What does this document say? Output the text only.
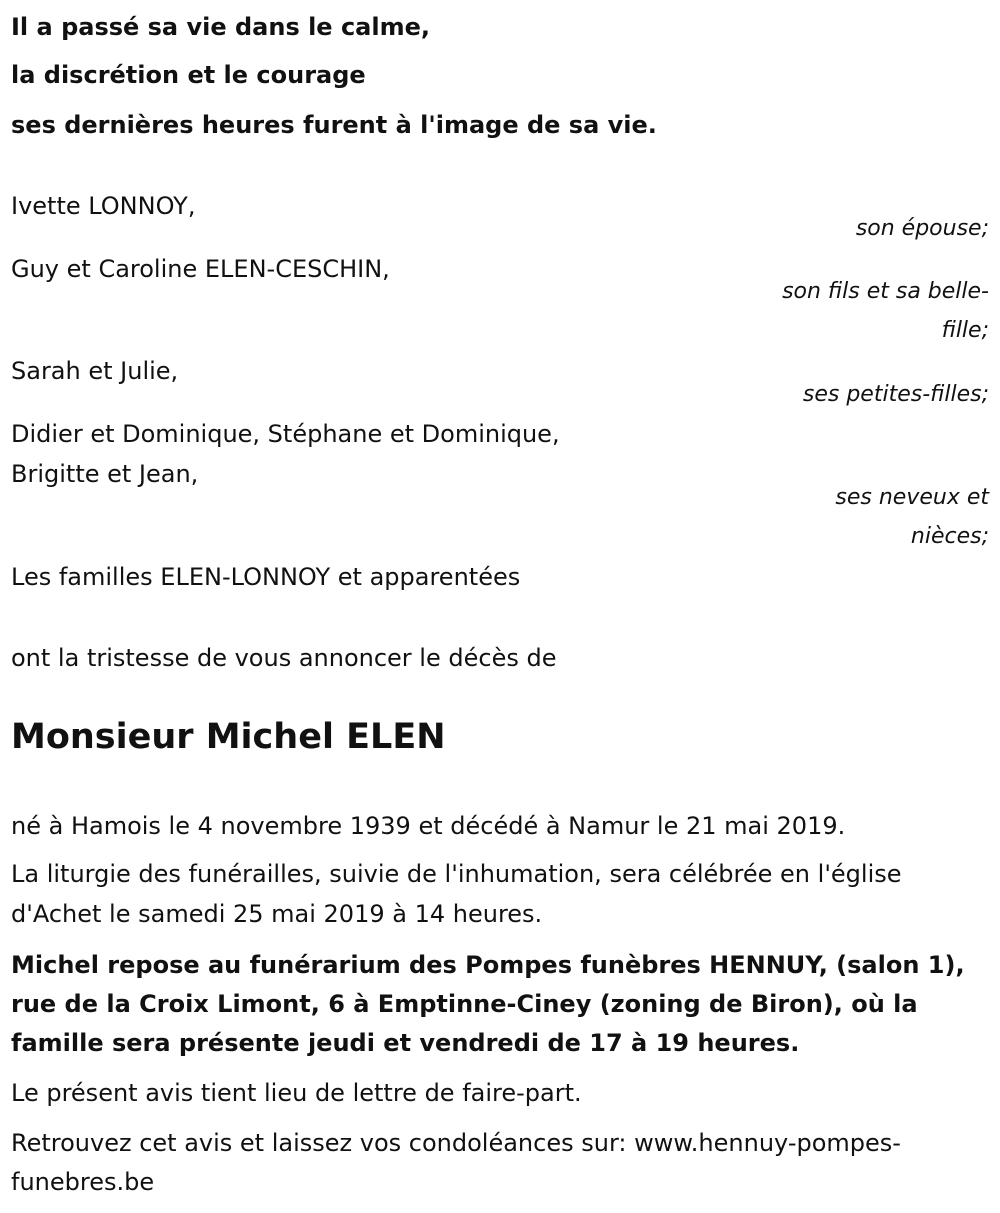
Il a passé sa vie dans le calme,

la discrétion et le courage

ses dernières heures furent à l'image de sa vie.

Ivette LONNOY,

son épouse;

Guy et Caroline ELEN-CESCHIN,

son fils et sa belle-

fille;

Sarah et Julie,

ses petites-filles;

Didier et Dominique, Stéphane et Dominique,

Brigitte et Jean,

ses neveux et

nièces;

Les familles ELEN-LONNOY et apparentées

ont la tristesse de vous annoncer le décès de

Monsieur Michel ELEN

né à Hamois le 4 novembre 1939 et décédé à Namur le 21 mai 2019.

La liturgie des funérailles, suivie de l'inhumation, sera célébrée en l'église

d'Achet le samedi 25 mai 2019 à 14 heures.

Michel repose au funérarium des Pompes funèbres HENNUY, (salon 1),

rue de la Croix Limont, 6 à Emptinne-Ciney (zoning de Biron), où la

famille sera présente jeudi et vendredi de 17 à 19 heures.

Le présent avis tient lieu de lettre de faire-part.

Retrouvez cet avis et laissez vos condoléances sur: www.hennuy-pompes-

funebres.be
